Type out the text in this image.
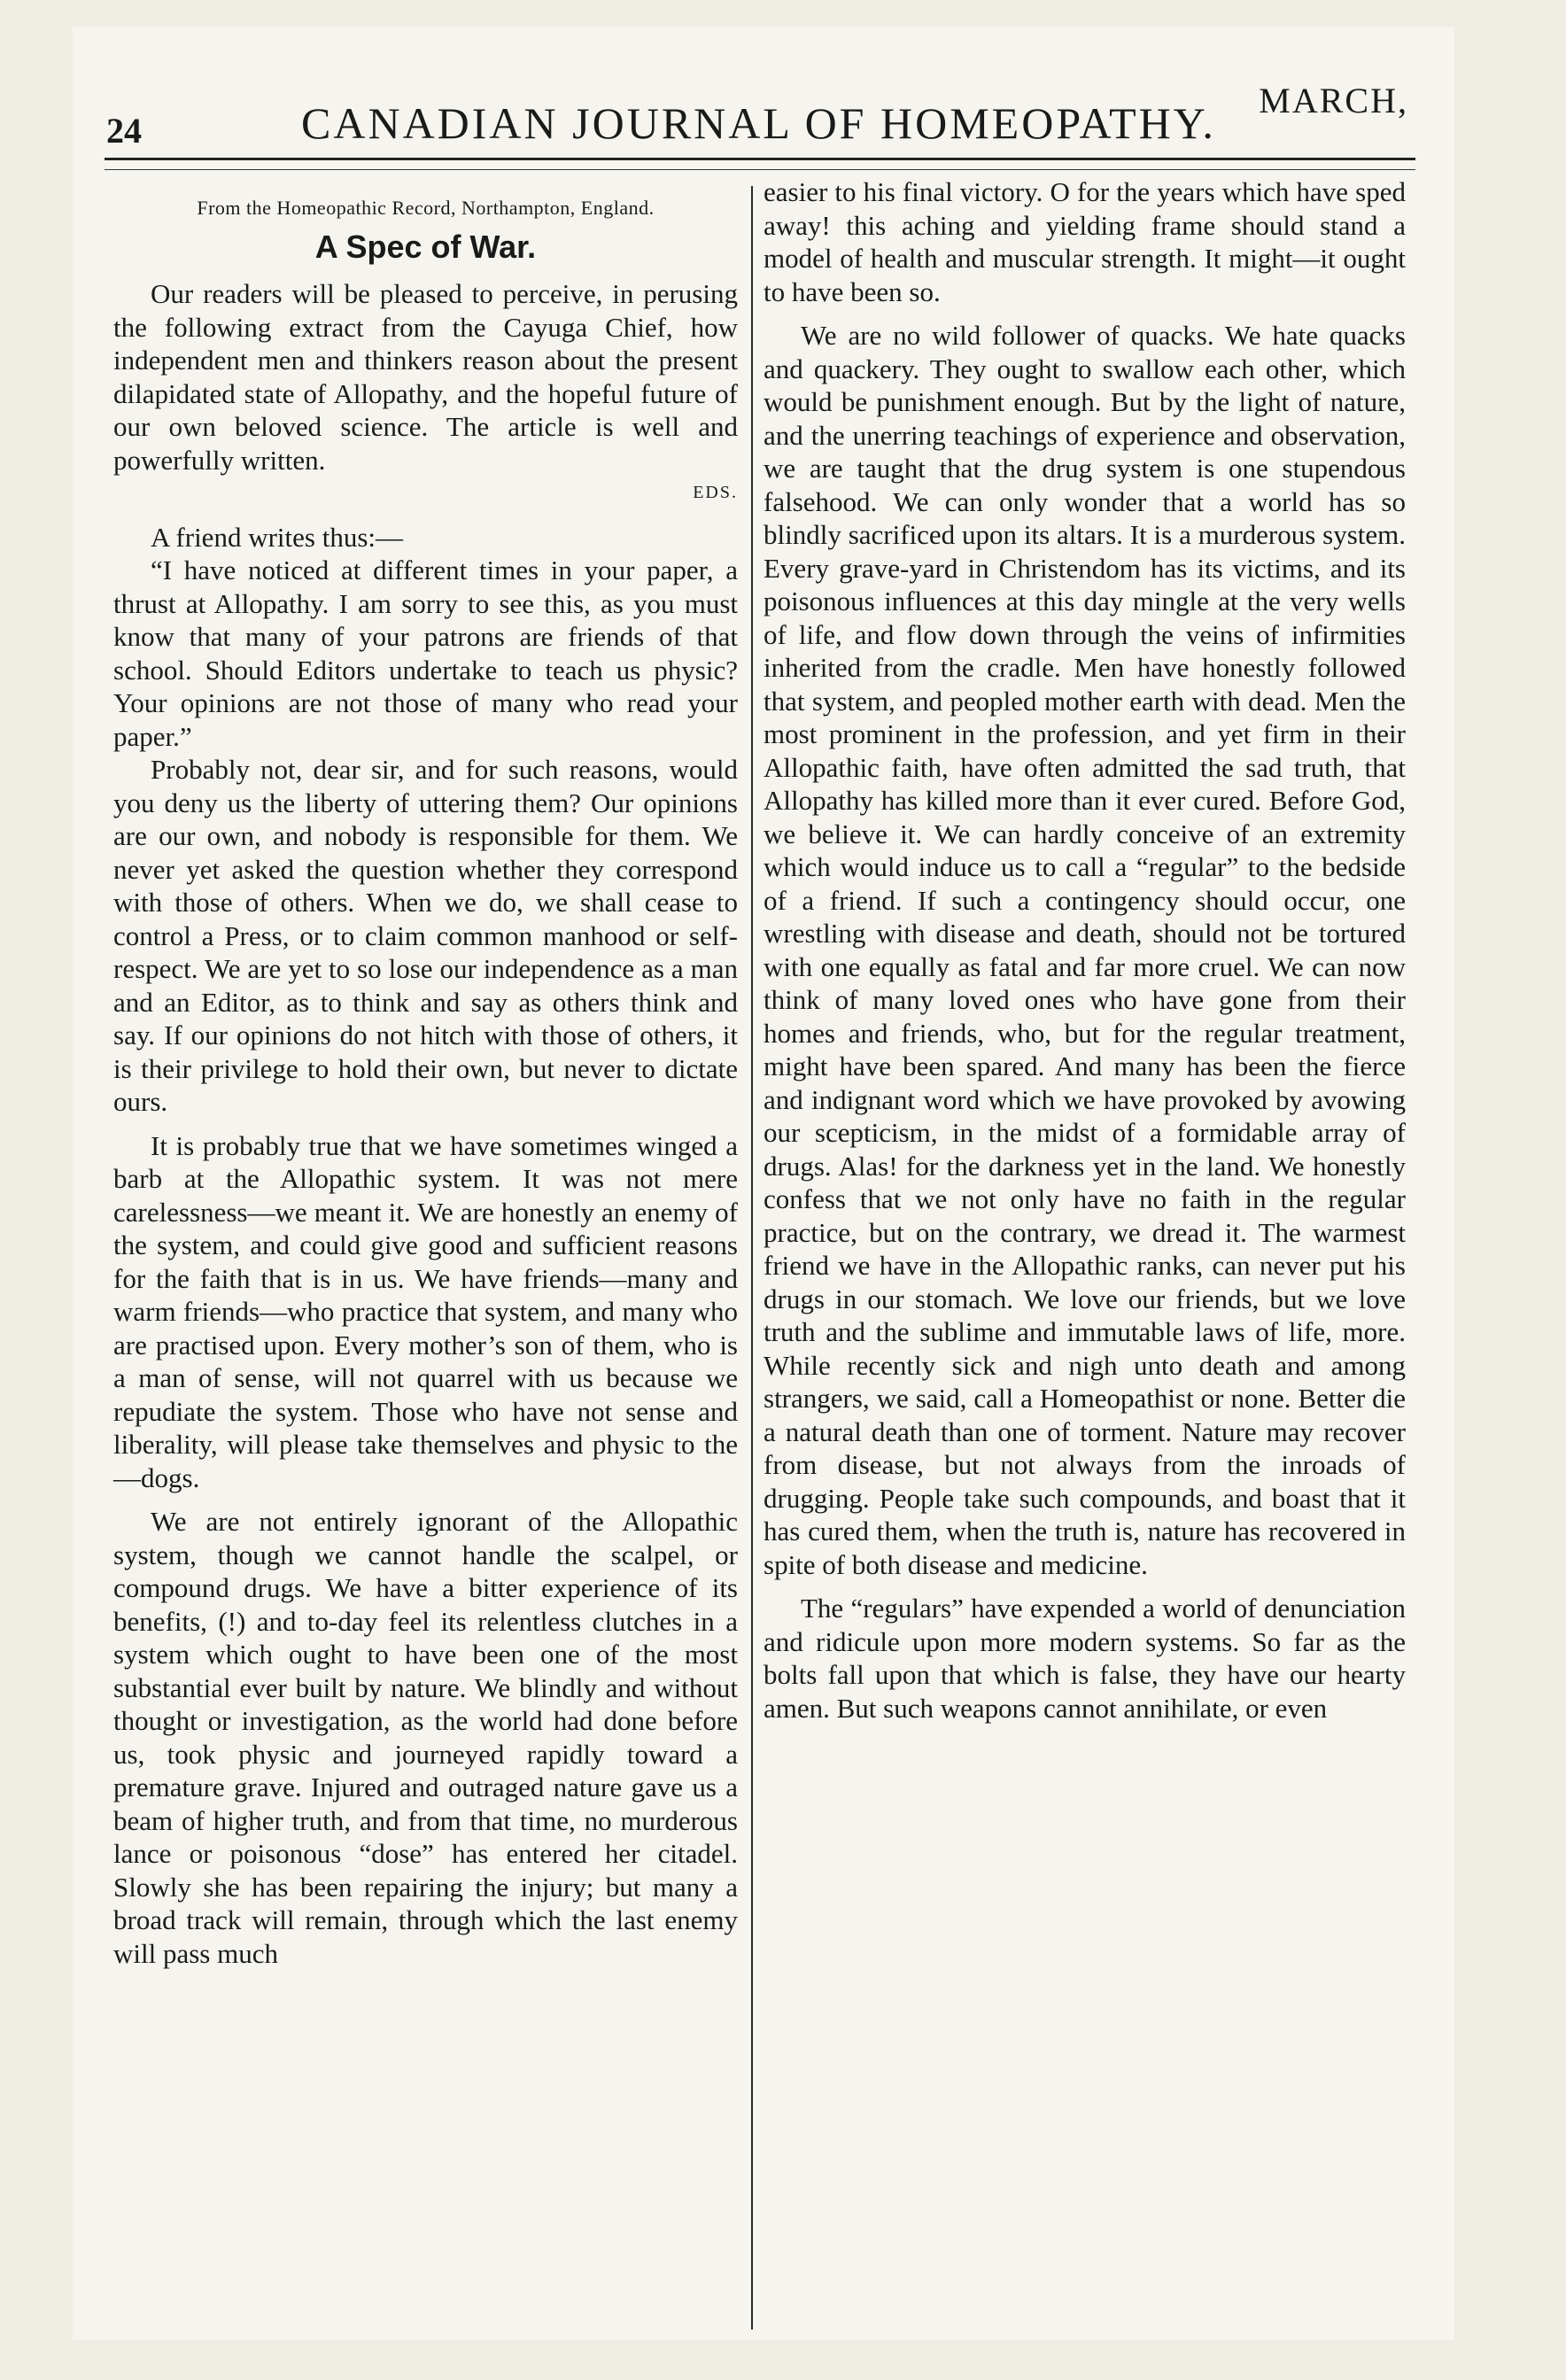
24	CANADIAN JOURNAL OF HOMEOPATHY. MARCH,
From the Homeopathic Record, Northampton, England.
A Spec of War.

Our readers will be pleased to perceive, in perusing the following extract from the Cayuga Chief, how independent men and thinkers reason about the present dilapidated state of Allopathy, and the hopeful future of our own beloved science. The article is well and powerfully written.

EDS.

A friend writes thus:—

“I have noticed at different times in your paper, a thrust at Allopathy. I am sorry to see this, as you must know that many of your patrons are friends of that school. Should Editors undertake to teach us physic? Your opinions are not those of many who read your paper.”

Probably not, dear sir, and for such reasons, would you deny us the liberty of uttering them? Our opinions are our own, and nobody is responsible for them. We never yet asked the question whether they correspond with those of others. When we do, we shall cease to control a Press, or to claim common manhood or self-respect. We are yet to so lose our independence as a man and an Editor, as to think and say as others think and say. If our opinions do not hitch with those of others, it is their privilege to hold their own, but never to dictate ours.

It is probably true that we have sometimes winged a barb at the Allopathic system. It was not mere carelessness—we meant it. We are honestly an enemy of the system, and could give good and sufficient reasons for the faith that is in us. We have friends—many and warm friends—who practice that system, and many who are practised upon. Every mother’s son of them, who is a man of sense, will not quarrel with us because we repudiate the system. Those who have not sense and liberality, will please take themselves and physic to the—dogs.

We are not entirely ignorant of the Allopathic system, though we cannot handle the scalpel, or compound drugs. We have a bitter experience of its benefits, (!) and to-day feel its relentless clutches in a system which ought to have been one of the most substantial ever built by nature. We blindly and without thought or investigation, as the world had done before us, took physic and journeyed rapidly toward a premature grave. Injured and outraged nature gave us a beam of higher truth, and from that time, no murderous lance or poisonous “dose” has entered her citadel. Slowly she has been repairing the injury; but many a broad track will remain, through which the last enemy will pass much

easier to his final victory. O for the years which have sped away! this aching and yielding frame should stand a model of health and muscular strength. It might—it ought to have been so.

We are no wild follower of quacks. We hate quacks and quackery. They ought to swallow each other, which would be punishment enough. But by the light of nature, and the unerring teachings of experience and observation, we are taught that the drug system is one stupendous falsehood. We can only wonder that a world has so blindly sacrificed upon its altars. It is a murderous system. Every grave-yard in Christendom has its victims, and its poisonous influences at this day mingle at the very wells of life, and flow down through the veins of infirmities inherited from the cradle. Men have honestly followed that system, and peopled mother earth with dead. Men the most prominent in the profession, and yet firm in their Allopathic faith, have often admitted the sad truth, that Allopathy has killed more than it ever cured. Before God, we believe it. We can hardly conceive of an extremity which would induce us to call a “regular” to the bedside of a friend. If such a contingency should occur, one wrestling with disease and death, should not be tortured with one equally as fatal and far more cruel. We can now think of many loved ones who have gone from their homes and friends, who, but for the regular treatment, might have been spared. And many has been the fierce and indignant word which we have provoked by avowing our scepticism, in the midst of a formidable array of drugs. Alas! for the darkness yet in the land. We honestly confess that we not only have no faith in the regular practice, but on the contrary, we dread it. The warmest friend we have in the Allopathic ranks, can never put his drugs in our stomach. We love our friends, but we love truth and the sublime and immutable laws of life, more. While recently sick and nigh unto death and among strangers, we said, call a Homeopathist or none. Better die a natural death than one of torment. Nature may recover from disease, but not always from the inroads of drugging. People take such compounds, and boast that it has cured them, when the truth is, nature has recovered in spite of both disease and medicine.

The “regulars” have expended a world of denunciation and ridicule upon more modern systems. So far as the bolts fall upon that which is false, they have our hearty amen. But such weapons cannot annihilate, or even
